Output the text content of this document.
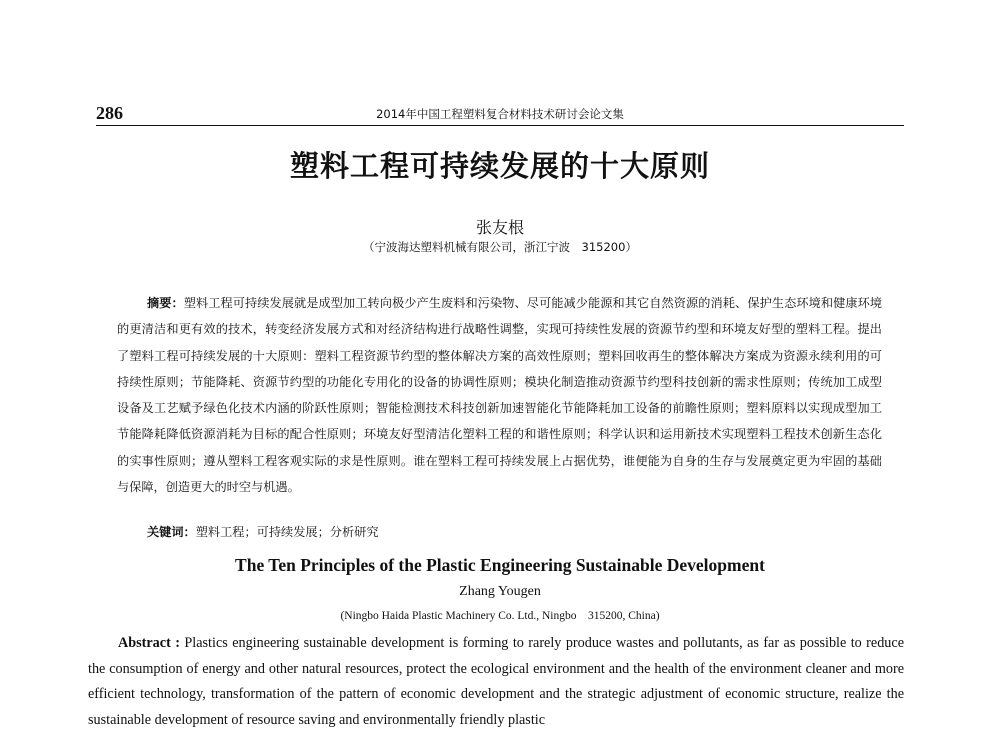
286	2014年中国工程塑料复合材料技术研讨会论文集
塑料工程可持续发展的十大原则
张友根
（宁波海达塑料机械有限公司，浙江宁波　315200）

摘要：塑料工程可持续发展就是成型加工转向极少产生废料和污染物、尽可能减少能源和其它自然资源的消耗、保护生态环境和健康环境的更清洁和更有效的技术，转变经济发展方式和对经济结构进行战略性调整，实现可持续性发展的资源节约型和环境友好型的塑料工程。提出了塑料工程可持续发展的十大原则：塑料工程资源节约型的整体解决方案的高效性原则；塑料回收再生的整体解决方案成为资源永续利用的可持续性原则；节能降耗、资源节约型的功能化专用化的设备的协调性原则；模块化制造推动资源节约型科技创新的需求性原则；传统加工成型设备及工艺赋予绿色化技术内涵的阶跃性原则；智能检测技术科技创新加速智能化节能降耗加工设备的前瞻性原则；塑料原料以实现成型加工节能降耗降低资源消耗为目标的配合性原则；环境友好型清洁化塑料工程的和谐性原则；科学认识和运用新技术实现塑料工程技术创新生态化的实事性原则；遵从塑料工程客观实际的求是性原则。谁在塑料工程可持续发展上占据优势，谁便能为自身的生存与发展奠定更为牢固的基础与保障，创造更大的时空与机遇。

关键词：塑料工程；可持续发展；分析研究

The Ten Principles of the Plastic Engineering Sustainable Development
Zhang Yougen
(Ningbo Haida Plastic Machinery Co. Ltd., Ningbo　315200, China)

Abstract : Plastics engineering sustainable development is forming to rarely produce wastes and pollutants, as far as possible to reduce the consumption of energy and other natural resources, protect the ecological environment and the health of the environment cleaner and more efficient technology, transformation of the pattern of economic development and the strategic adjustment of economic structure, realize the sustainable development of resource saving and environmentally friendly plastic
